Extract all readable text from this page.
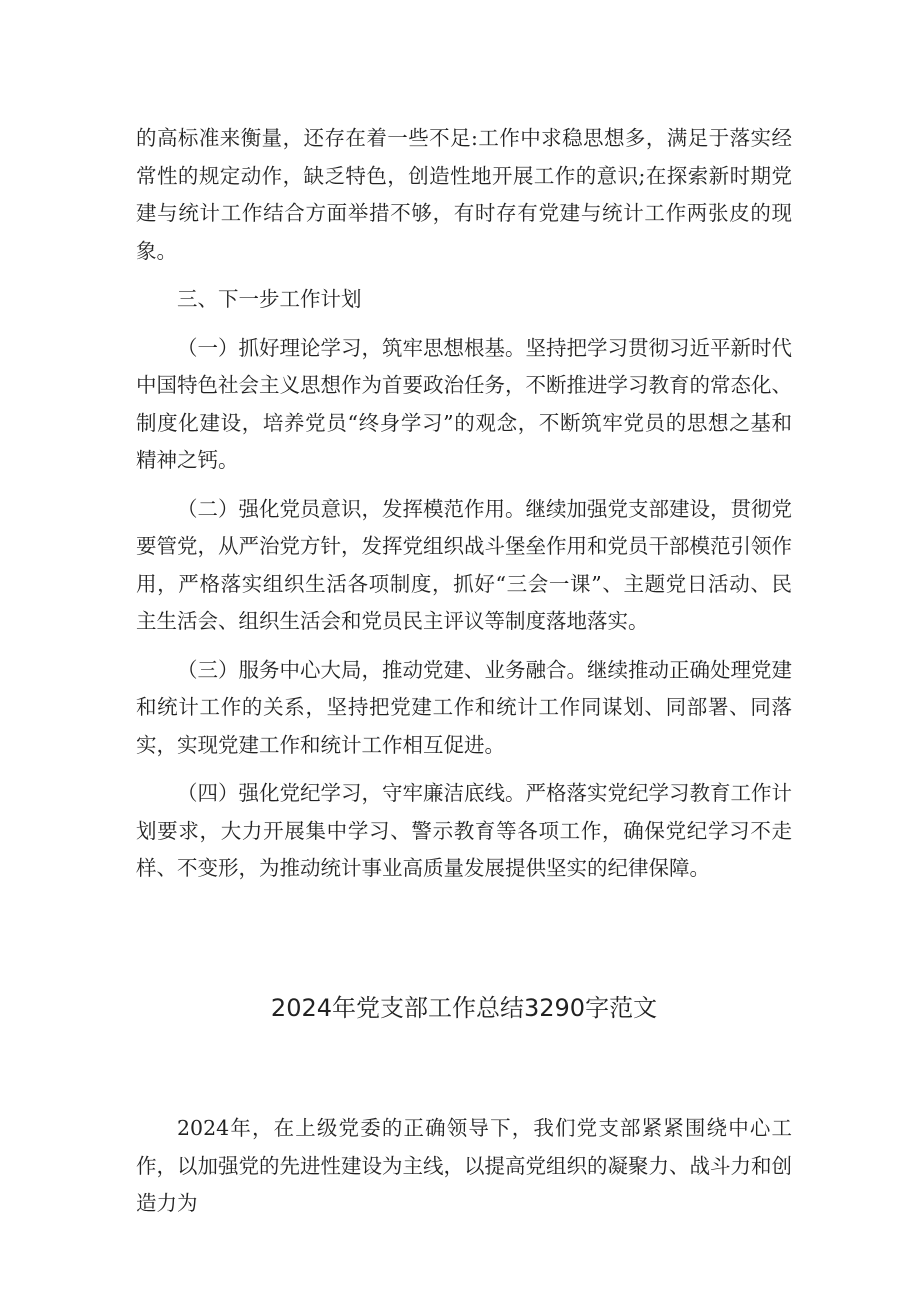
的高标准来衡量，还存在着一些不足:工作中求稳思想多，满足于落实经常性的规定动作，缺乏特色，创造性地开展工作的意识;在探索新时期党建与统计工作结合方面举措不够，有时存有党建与统计工作两张皮的现象。

三、下一步工作计划

（一）抓好理论学习，筑牢思想根基。坚持把学习贯彻习近平新时代中国特色社会主义思想作为首要政治任务，不断推进学习教育的常态化、制度化建设，培养党员“终身学习”的观念，不断筑牢党员的思想之基和精神之钙。

（二）强化党员意识，发挥模范作用。继续加强党支部建设，贯彻党要管党，从严治党方针，发挥党组织战斗堡垒作用和党员干部模范引领作用，严格落实组织生活各项制度，抓好“三会一课”、主题党日活动、民主生活会、组织生活会和党员民主评议等制度落地落实。

（三）服务中心大局，推动党建、业务融合。继续推动正确处理党建和统计工作的关系，坚持把党建工作和统计工作同谋划、同部署、同落实，实现党建工作和统计工作相互促进。

（四）强化党纪学习，守牢廉洁底线。严格落实党纪学习教育工作计划要求，大力开展集中学习、警示教育等各项工作，确保党纪学习不走样、不变形，为推动统计事业高质量发展提供坚实的纪律保障。

2024年党支部工作总结3290字范文

2024年，在上级党委的正确领导下，我们党支部紧紧围绕中心工作，以加强党的先进性建设为主线，以提高党组织的凝聚力、战斗力和创造力为
